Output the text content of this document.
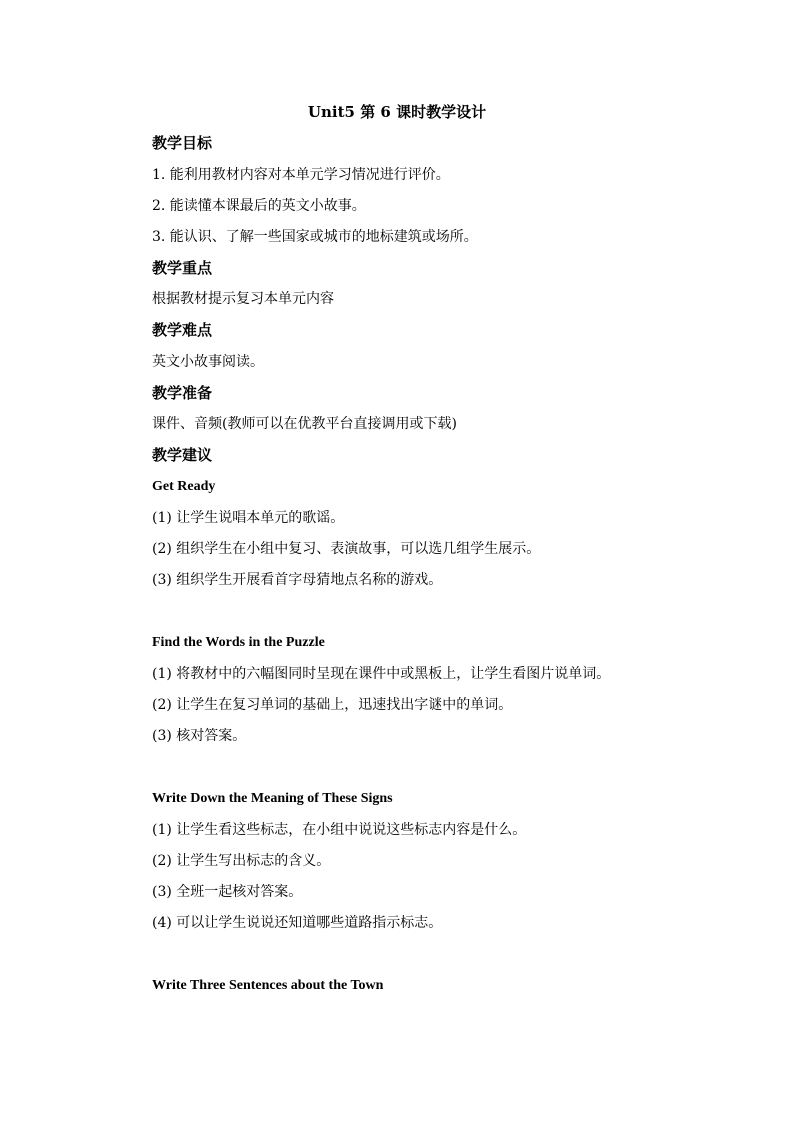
Unit5 第 6 课时教学设计
教学目标
1. 能利用教材内容对本单元学习情况进行评价。
2. 能读懂本课最后的英文小故事。
3. 能认识、了解一些国家或城市的地标建筑或场所。
教学重点
根据教材提示复习本单元内容
教学难点
英文小故事阅读。
教学准备
课件、音频(教师可以在优教平台直接调用或下载)
教学建议
Get Ready
(1) 让学生说唱本单元的歌谣。
(2) 组织学生在小组中复习、表演故事，可以选几组学生展示。
(3) 组织学生开展看首字母猜地点名称的游戏。
Find the Words in the Puzzle
(1) 将教材中的六幅图同时呈现在课件中或黑板上，让学生看图片说单词。
(2) 让学生在复习单词的基础上，迅速找出字谜中的单词。
(3) 核对答案。
Write Down the Meaning of These Signs
(1) 让学生看这些标志，在小组中说说这些标志内容是什么。
(2) 让学生写出标志的含义。
(3) 全班一起核对答案。
(4) 可以让学生说说还知道哪些道路指示标志。
Write Three Sentences about the Town
